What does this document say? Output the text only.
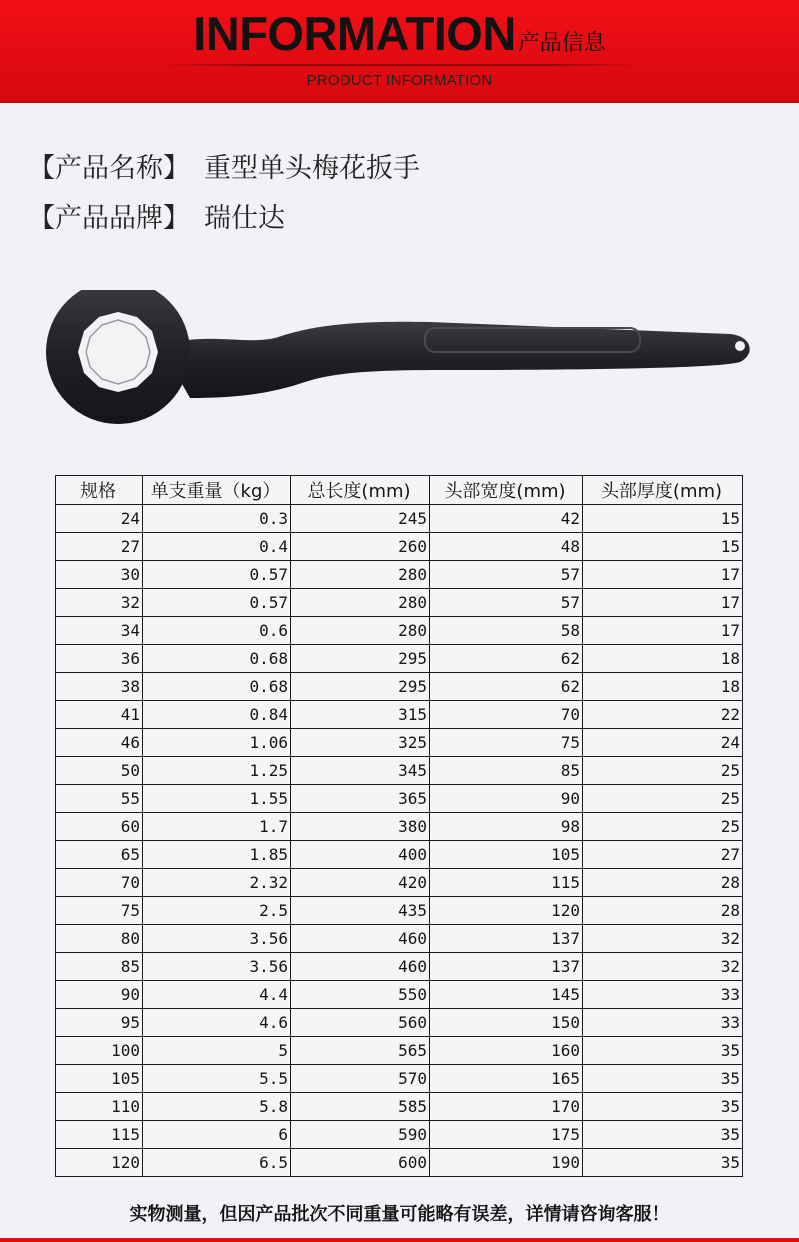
INFORMATION产品信息
PRODUCT INFORMATION
【产品名称】 重型单头梅花扳手
【产品品牌】 瑞仕达
规格	单支重量（kg）	总长度(mm)	头部宽度(mm)	头部厚度(mm)
24	0.3	245	42	15
27	0.4	260	48	15
30	0.57	280	57	17
32	0.57	280	57	17
34	0.6	280	58	17
36	0.68	295	62	18
38	0.68	295	62	18
41	0.84	315	70	22
46	1.06	325	75	24
50	1.25	345	85	25
55	1.55	365	90	25
60	1.7	380	98	25
65	1.85	400	105	27
70	2.32	420	115	28
75	2.5	435	120	28
80	3.56	460	137	32
85	3.56	460	137	32
90	4.4	550	145	33
95	4.6	560	150	33
100	5	565	160	35
105	5.5	570	165	35
110	5.8	585	170	35
115	6	590	175	35
120	6.5	600	190	35
实物测量，但因产品批次不同重量可能略有误差，详情请咨询客服！
